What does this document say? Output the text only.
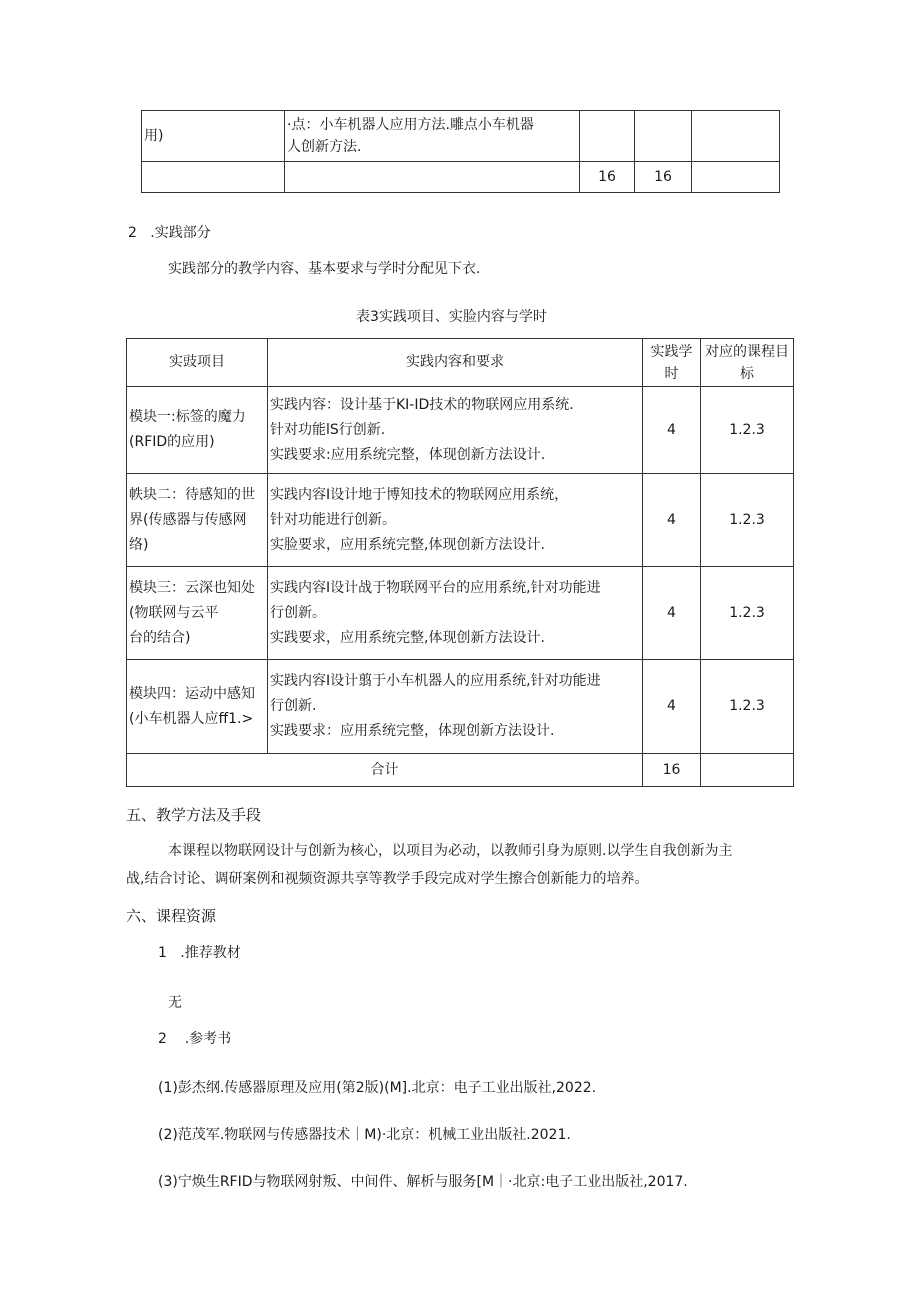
用)	·点：小车机器人应用方法.雕点小车机器
人创新方法.			

		16	16	

2   .实践部分

实践部分的教学内容、基本要求与学时分配见下衣.

表3实践项目、实脸内容与学时

实豉项目	实践内容和要求	实践学时	对应的课程目标

模块一:标签的魔力
(RFID的应用)	实践内容：设计基于KI-ID技术的物联网应用系统.
针对功能lS行创新.
实践要求:应用系统完整，体现创新方法设计.	4	1.2.3

帙块二：待感知的世
界(传感器与传感网
络)	实践内容I设计地于博知技术的物联网应用系统，
针对功能进行创新。
实脸要求，应用系统完整,体现创新方法设计.	4	1.2.3

模块三：云深也知处
(物联网与云平
台的结合)	实践内容I设计战于物联网平台的应用系统,针对功能进
行创新。
实践要求，应用系统完整,体现创新方法设计.	4	1.2.3

模块四：运动中感知
(小车机器人应ff1.>	实践内容I设计翦于小车机器人的应用系统,针对功能进
行创新.
实践要求：应用系统完整，体现创新方法设计.	4	1.2.3
合计		16	

五、教学方法及手段

本课程以物联网设计与创新为核心，以项目为必动，以教师引身为原则.以学生自我创新为主

战,结合讨论、调研案例和视频资源共享等教学手段完成对学生擦合创新能力的培养。

六、课程资源

1   .推荐教材

无

2    .参考书

(1)彭杰纲.传感器原理及应用(第2版)(M].北京：电子工业出版社,2022.

(2)范茂军.物联网与传感器技术｜M)·北京：机械工业出版社.2021.

(3)宁焕生RFID与物联网射叛、中间件、解析与服务[M｜·北京:电子工业出版社,2017.
